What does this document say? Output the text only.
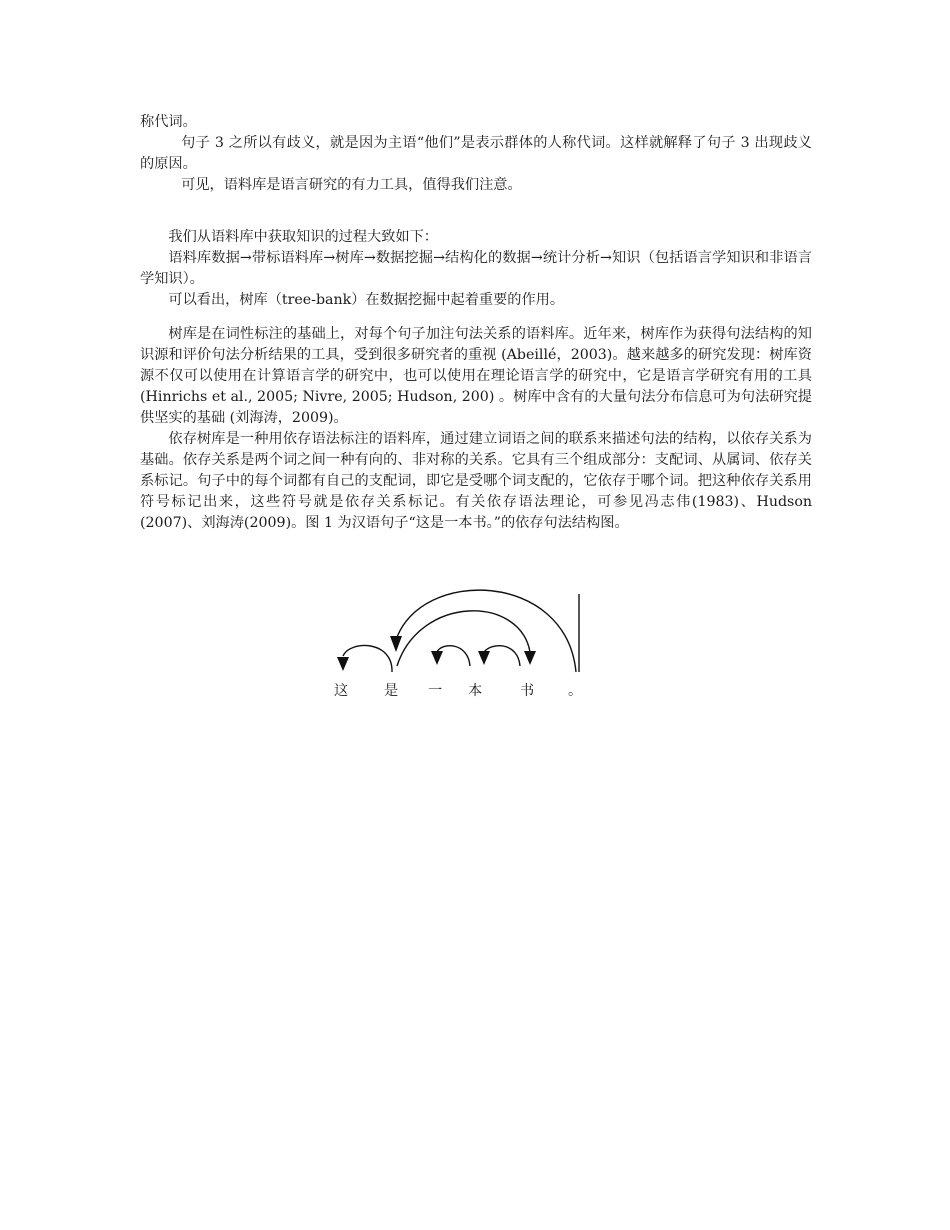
称代词。

句子 3 之所以有歧义，就是因为主语“他们”是表示群体的人称代词。这样就解释了句子 3 出现歧义的原因。

可见，语料库是语言研究的有力工具，值得我们注意。

我们从语料库中获取知识的过程大致如下：

语料库数据→带标语料库→树库→数据挖掘→结构化的数据→统计分析→知识（包括语言学知识和非语言学知识）。

可以看出，树库（tree-bank）在数据挖掘中起着重要的作用。

树库是在词性标注的基础上，对每个句子加注句法关系的语料库。近年来，树库作为获得句法结构的知识源和评价句法分析结果的工具，受到很多研究者的重视 (Abeillé，2003)。越来越多的研究发现：树库资源不仅可以使用在计算语言学的研究中，也可以使用在理论语言学的研究中，它是语言学研究有用的工具 (Hinrichs et al., 2005; Nivre, 2005; Hudson, 200) 。树库中含有的大量句法分布信息可为句法研究提供坚实的基础 (刘海涛，2009)。

依存树库是一种用依存语法标注的语料库，通过建立词语之间的联系来描述句法的结构，以依存关系为基础。依存关系是两个词之间一种有向的、非对称的关系。它具有三个组成部分：支配词、从属词、依存关系标记。句子中的每个词都有自己的支配词，即它是受哪个词支配的，它依存于哪个词。把这种依存关系用符号标记出来，这些符号就是依存关系标记。有关依存语法理论，可参见冯志伟(1983)、Hudson (2007)、刘海涛(2009)。图 1 为汉语句子“这是一本书。”的依存句法结构图。

这	是 一 本	书 。
